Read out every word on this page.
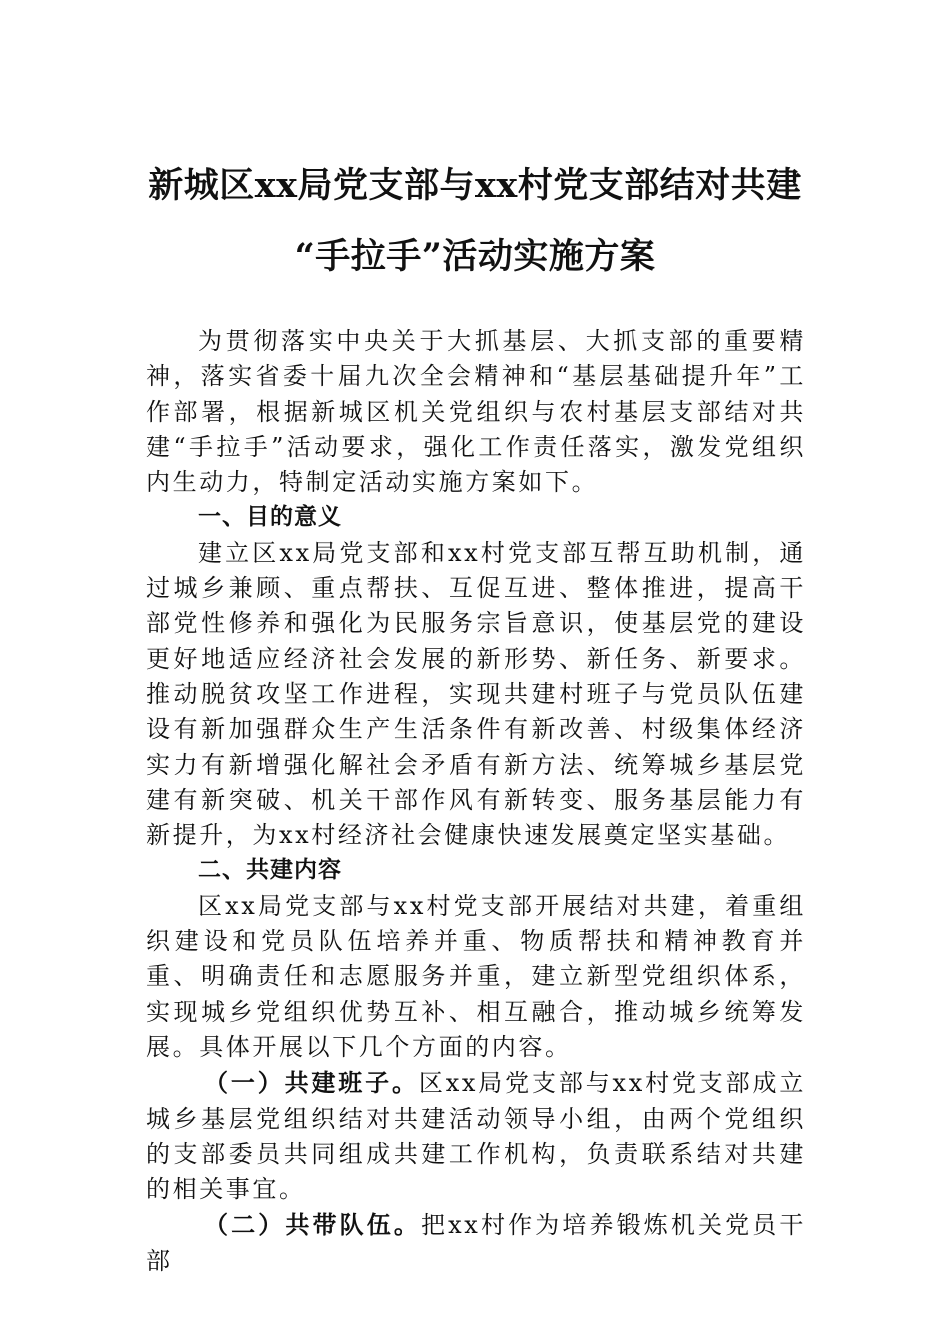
新城区xx局党支部与xx村党支部结对共建
“手拉手”活动实施方案

为贯彻落实中央关于大抓基层、大抓支部的重要精神，落实省委十届九次全会精神和“基层基础提升年”工作部署，根据新城区机关党组织与农村基层支部结对共建“手拉手”活动要求，强化工作责任落实，激发党组织内生动力，特制定活动实施方案如下。

一、目的意义

建立区xx局党支部和xx村党支部互帮互助机制，通过城乡兼顾、重点帮扶、互促互进、整体推进，提高干部党性修养和强化为民服务宗旨意识，使基层党的建设更好地适应经济社会发展的新形势、新任务、新要求。推动脱贫攻坚工作进程，实现共建村班子与党员队伍建设有新加强群众生产生活条件有新改善、村级集体经济实力有新增强化解社会矛盾有新方法、统筹城乡基层党建有新突破、机关干部作风有新转变、服务基层能力有新提升，为xx村经济社会健康快速发展奠定坚实基础。

二、共建内容

区xx局党支部与xx村党支部开展结对共建，着重组织建设和党员队伍培养并重、物质帮扶和精神教育并重、明确责任和志愿服务并重，建立新型党组织体系，实现城乡党组织优势互补、相互融合，推动城乡统筹发展。具体开展以下几个方面的内容。

（一）共建班子。区xx局党支部与xx村党支部成立城乡基层党组织结对共建活动领导小组，由两个党组织的支部委员共同组成共建工作机构，负责联系结对共建的相关事宜。

（二）共带队伍。把xx村作为培养锻炼机关党员干部
